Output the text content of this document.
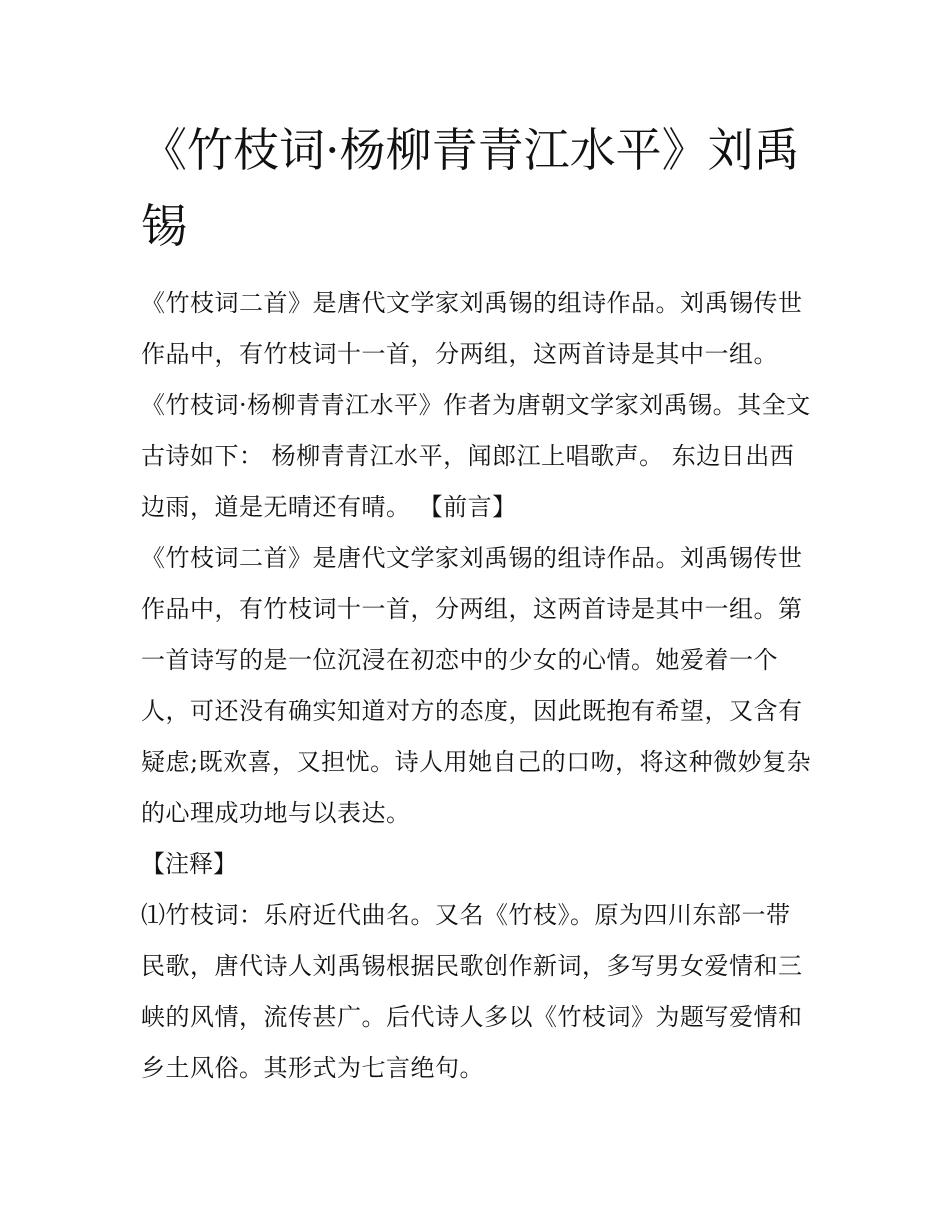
《竹枝词·杨柳青青江水平》刘禹锡

《竹枝词二首》是唐代文学家刘禹锡的组诗作品。刘禹锡传世作品中，有竹枝词十一首，分两组，这两首诗是其中一组。《竹枝词·杨柳青青江水平》作者为唐朝文学家刘禹锡。其全文古诗如下： 杨柳青青江水平，闻郎江上唱歌声。 东边日出西边雨，道是无晴还有晴。 【前言】

《竹枝词二首》是唐代文学家刘禹锡的组诗作品。刘禹锡传世作品中，有竹枝词十一首，分两组，这两首诗是其中一组。第一首诗写的是一位沉浸在初恋中的少女的心情。她爱着一个人，可还没有确实知道对方的态度，因此既抱有希望，又含有疑虑;既欢喜，又担忧。诗人用她自己的口吻，将这种微妙复杂的心理成功地与以表达。

【注释】

⑴竹枝词：乐府近代曲名。又名《竹枝》。原为四川东部一带民歌，唐代诗人刘禹锡根据民歌创作新词，多写男女爱情和三峡的风情，流传甚广。后代诗人多以《竹枝词》为题写爱情和乡土风俗。其形式为七言绝句。
